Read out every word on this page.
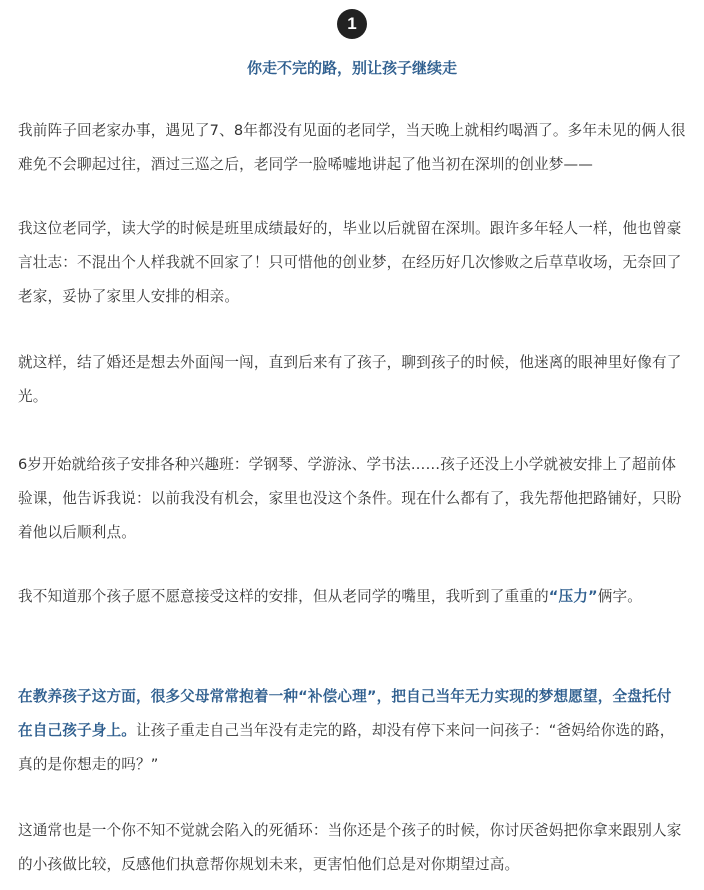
1
你走不完的路，别让孩子继续走

我前阵子回老家办事，遇见了7、8年都没有见面的老同学，当天晚上就相约喝酒了。多年未见的俩人很难免不会聊起过往，酒过三巡之后，老同学一脸唏嘘地讲起了他当初在深圳的创业梦——

我这位老同学，读大学的时候是班里成绩最好的，毕业以后就留在深圳。跟许多年轻人一样，他也曾豪言壮志：不混出个人样我就不回家了！只可惜他的创业梦，在经历好几次惨败之后草草收场，无奈回了老家，妥协了家里人安排的相亲。

就这样，结了婚还是想去外面闯一闯，直到后来有了孩子，聊到孩子的时候，他迷离的眼神里好像有了光。

6岁开始就给孩子安排各种兴趣班：学钢琴、学游泳、学书法……孩子还没上小学就被安排上了超前体验课，他告诉我说：以前我没有机会，家里也没这个条件。现在什么都有了，我先帮他把路铺好，只盼着他以后顺利点。

我不知道那个孩子愿不愿意接受这样的安排，但从老同学的嘴里，我听到了重重的“压力”俩字。

在教养孩子这方面，很多父母常常抱着一种“补偿心理”，把自己当年无力实现的梦想愿望，全盘托付在自己孩子身上。让孩子重走自己当年没有走完的路，却没有停下来问一问孩子：“爸妈给你选的路，真的是你想走的吗？”

这通常也是一个你不知不觉就会陷入的死循环：当你还是个孩子的时候，你讨厌爸妈把你拿来跟别人家的小孩做比较，反感他们执意帮你规划未来，更害怕他们总是对你期望过高。
